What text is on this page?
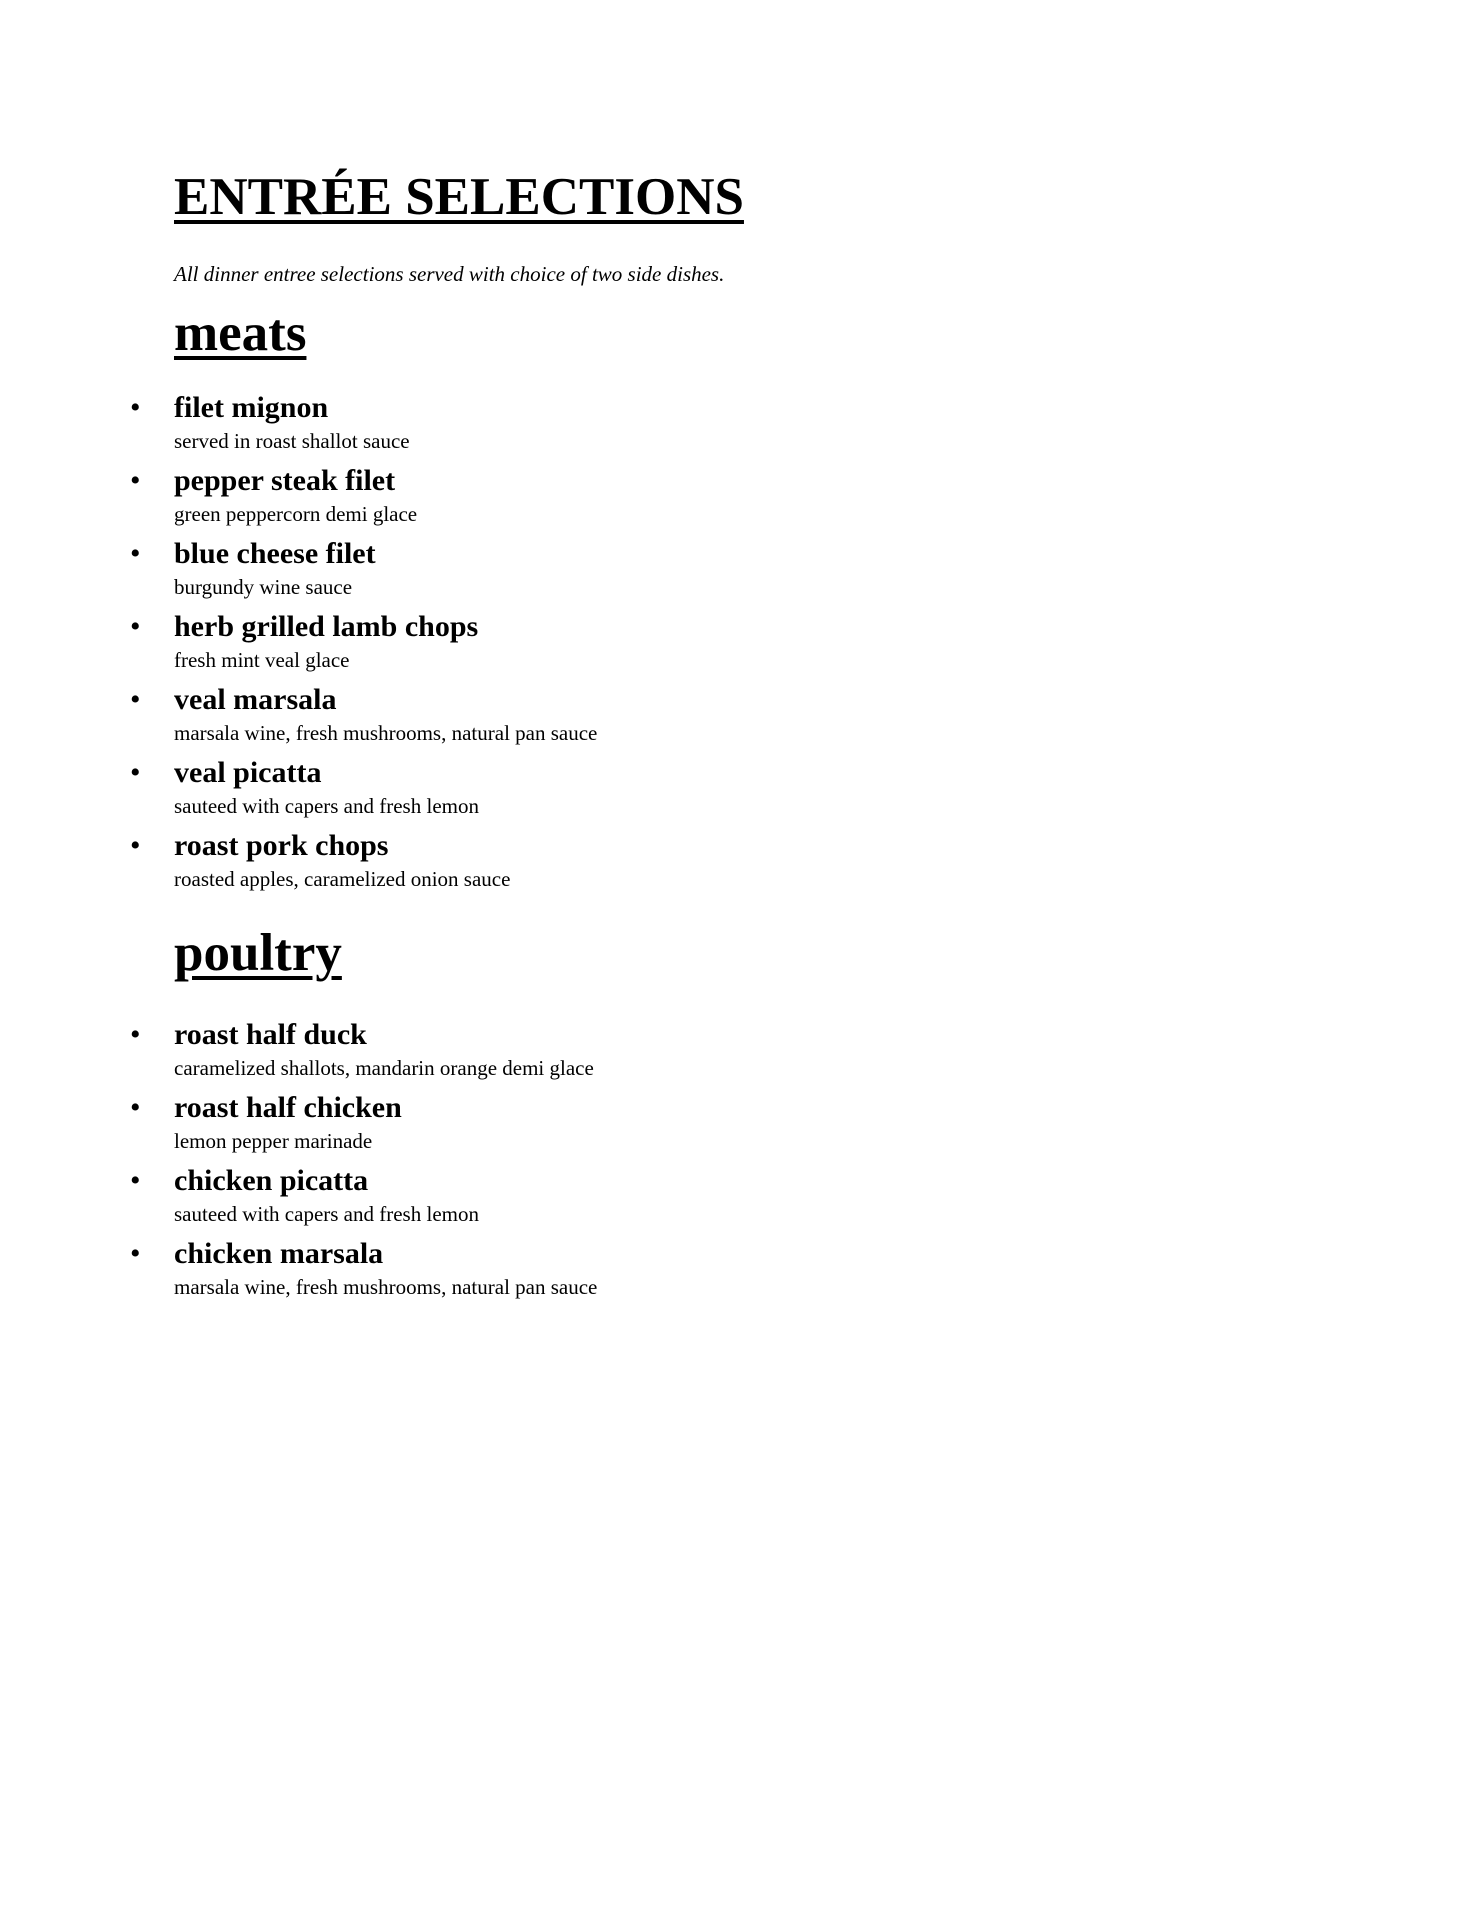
ENTRÉE SELECTIONS

All dinner entree selections served with choice of two side dishes.

meats
• filet mignon
served in roast shallot sauce
• pepper steak filet
green peppercorn demi glace
• blue cheese filet
burgundy wine sauce
• herb grilled lamb chops
fresh mint veal glace
• veal marsala
marsala wine, fresh mushrooms, natural pan sauce
• veal picatta
sauteed with capers and fresh lemon
• roast pork chops
roasted apples, caramelized onion sauce
poultry
• roast half duck
caramelized shallots, mandarin orange demi glace
• roast half chicken
lemon pepper marinade
• chicken picatta
sauteed with capers and fresh lemon
• chicken marsala
marsala wine, fresh mushrooms, natural pan sauce
